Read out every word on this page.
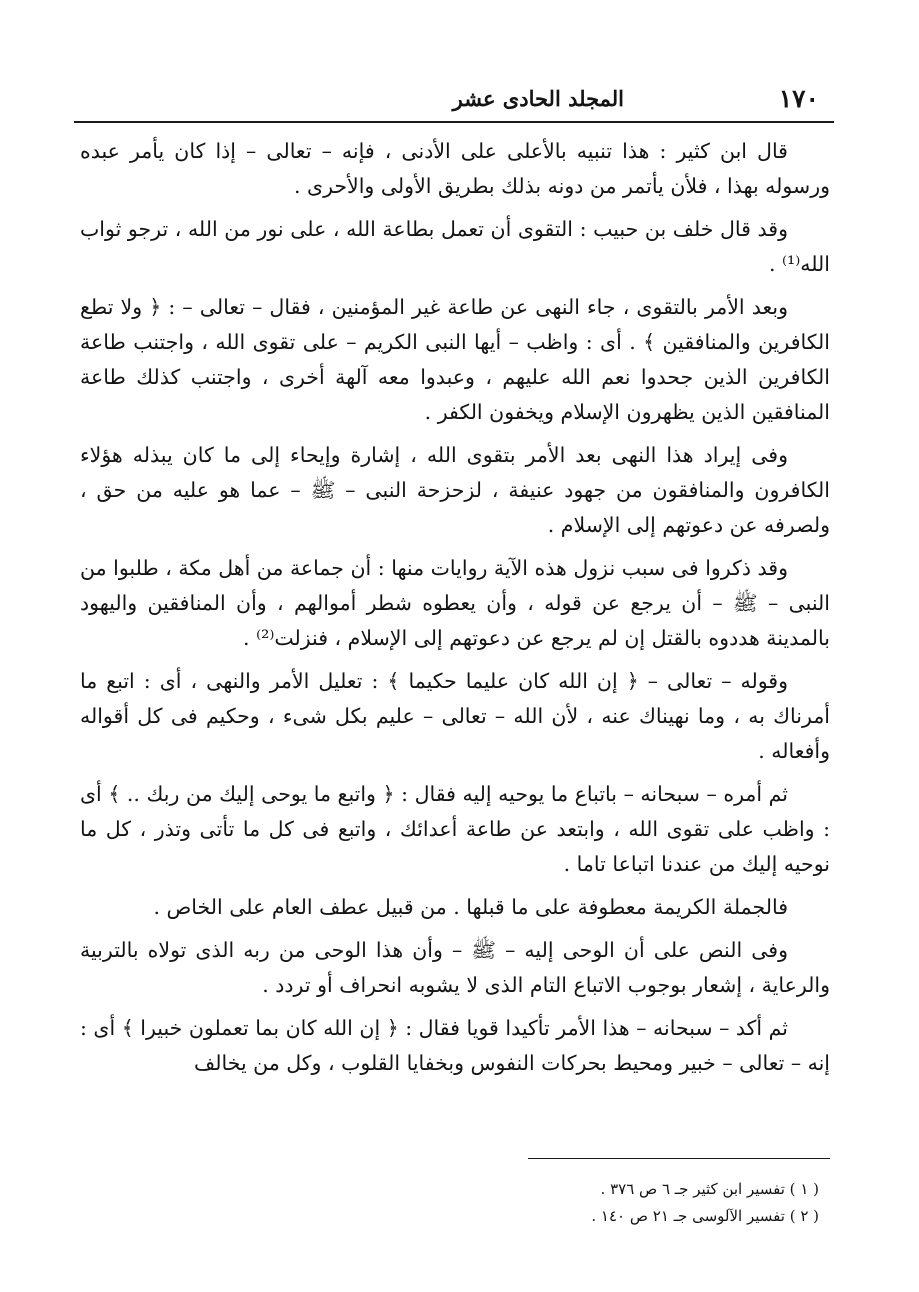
١٧٠
المجلد الحادى عشر

قال ابن كثير : هذا تنبيه بالأعلى على الأدنى ، فإنه – تعالى – إذا كان يأمر عبده ورسوله بهذا ، فلأن يأتمر من دونه بذلك بطريق الأولى والأحرى .

وقد قال خلف بن حبيب : التقوى أن تعمل بطاعة الله ، على نور من الله ، ترجو ثواب الله⁽¹⁾ .

وبعد الأمر بالتقوى ، جاء النهى عن طاعة غير المؤمنين ، فقال – تعالى – : ﴿ ولا تطع الكافرين والمنافقين ﴾ . أى : واظب – أيها النبى الكريم – على تقوى الله ، واجتنب طاعة الكافرين الذين جحدوا نعم الله عليهم ، وعبدوا معه آلهة أخرى ، واجتنب كذلك طاعة المنافقين الذين يظهرون الإسلام ويخفون الكفر .

وفى إيراد هذا النهى بعد الأمر بتقوى الله ، إشارة وإيحاء إلى ما كان يبذله هؤلاء الكافرون والمنافقون من جهود عنيفة ، لزحزحة النبى – ﷺ – عما هو عليه من حق ، ولصرفه عن دعوتهم إلى الإسلام .

وقد ذكروا فى سبب نزول هذه الآية روايات منها : أن جماعة من أهل مكة ، طلبوا من النبى – ﷺ – أن يرجع عن قوله ، وأن يعطوه شطر أموالهم ، وأن المنافقين واليهود بالمدينة هددوه بالقتل إن لم يرجع عن دعوتهم إلى الإسلام ، فنزلت⁽²⁾ .

وقوله – تعالى – ﴿ إن الله كان عليما حكيما ﴾ : تعليل الأمر والنهى ، أى : اتبع ما أمرناك به ، وما نهيناك عنه ، لأن الله – تعالى – عليم بكل شىء ، وحكيم فى كل أقواله وأفعاله .

ثم أمره – سبحانه – باتباع ما يوحيه إليه فقال : ﴿ واتبع ما يوحى إليك من ربك .. ﴾ أى : واظب على تقوى الله ، وابتعد عن طاعة أعدائك ، واتبع فى كل ما تأتى وتذر ، كل ما نوحيه إليك من عندنا اتباعا تاما .

فالجملة الكريمة معطوفة على ما قبلها . من قبيل عطف العام على الخاص .

وفى النص على أن الوحى إليه – ﷺ – وأن هذا الوحى من ربه الذى تولاه بالتربية والرعاية ، إشعار بوجوب الاتباع التام الذى لا يشوبه انحراف أو تردد .

ثم أكد – سبحانه – هذا الأمر تأكيدا قويا فقال : ﴿ إن الله كان بما تعملون خبيرا ﴾ أى : إنه – تعالى – خبير ومحيط بحركات النفوس وبخفايا القلوب ، وكل من يخالف

( ١ ) تفسير ابن كثير جـ ٦ ص ٣٧٦ .

( ٢ ) تفسير الآلوسى جـ ٢١ ص ١٤٠ .
